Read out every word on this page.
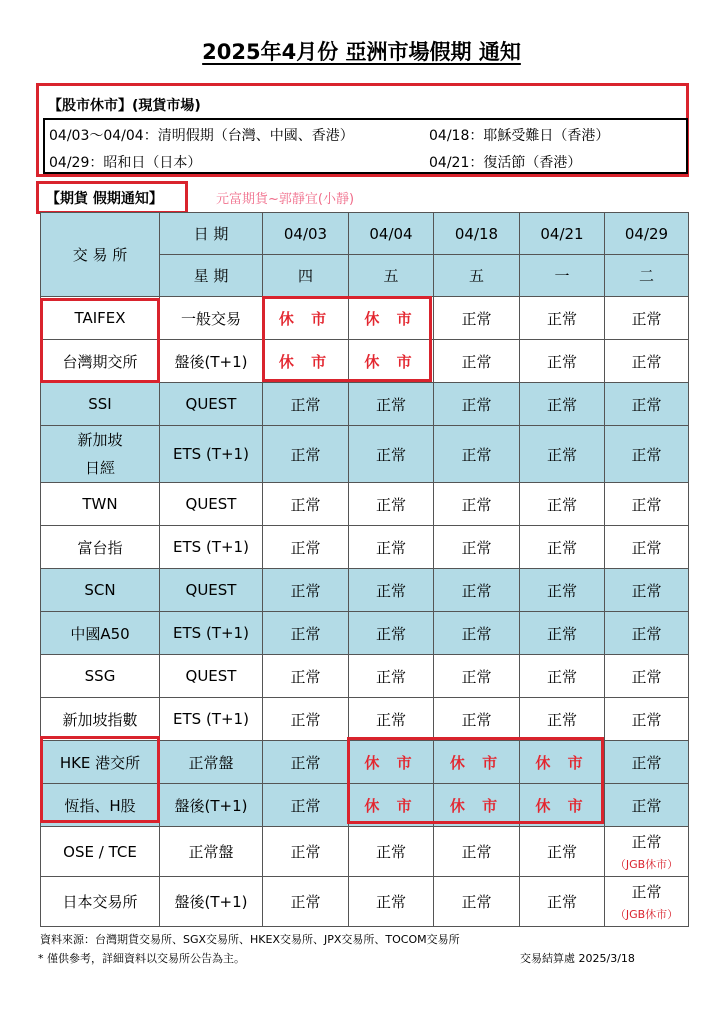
2025年4月份 亞洲市場假期 通知
【股市休市】(現貨市場)
04/03～04/04：清明假期（台灣、中國、香港）	04/18：耶穌受難日（香港）
04/29：昭和日（日本）	04/21：復活節（香港）
【期貨 假期通知】	元富期貨~郭靜宜(小靜)
交 易 所	日 期	04/03	04/04	04/18	04/21	04/29
	星 期	四	五	五	一	二
TAIFEX	一般交易	休 市	休 市	正常	正常	正常
台灣期交所	盤後(T+1)	休 市	休 市	正常	正常	正常
SSI	QUEST	正常	正常	正常	正常	正常
新加坡
日經	ETS (T+1)	正常	正常	正常	正常	正常
TWN	QUEST	正常	正常	正常	正常	正常
富台指	ETS (T+1)	正常	正常	正常	正常	正常
SCN	QUEST	正常	正常	正常	正常	正常
中國A50	ETS (T+1)	正常	正常	正常	正常	正常
SSG	QUEST	正常	正常	正常	正常	正常
新加坡指數	ETS (T+1)	正常	正常	正常	正常	正常
HKE 港交所	正常盤	正常	休 市	休 市	休 市	正常
恆指、H股	盤後(T+1)	正常	休 市	休 市	休 市	正常
OSE / TCE	正常盤	正常	正常	正常	正常	正常
（JGB休市）

日本交易所	盤後(T+1)	正常	正常	正常	正常	正常
（JGB休市）
資料來源：台灣期貨交易所、SGX交易所、HKEX交易所、JPX交易所、TOCOM交易所
* 僅供參考，詳細資料以交易所公告為主。	交易結算處 2025/3/18
